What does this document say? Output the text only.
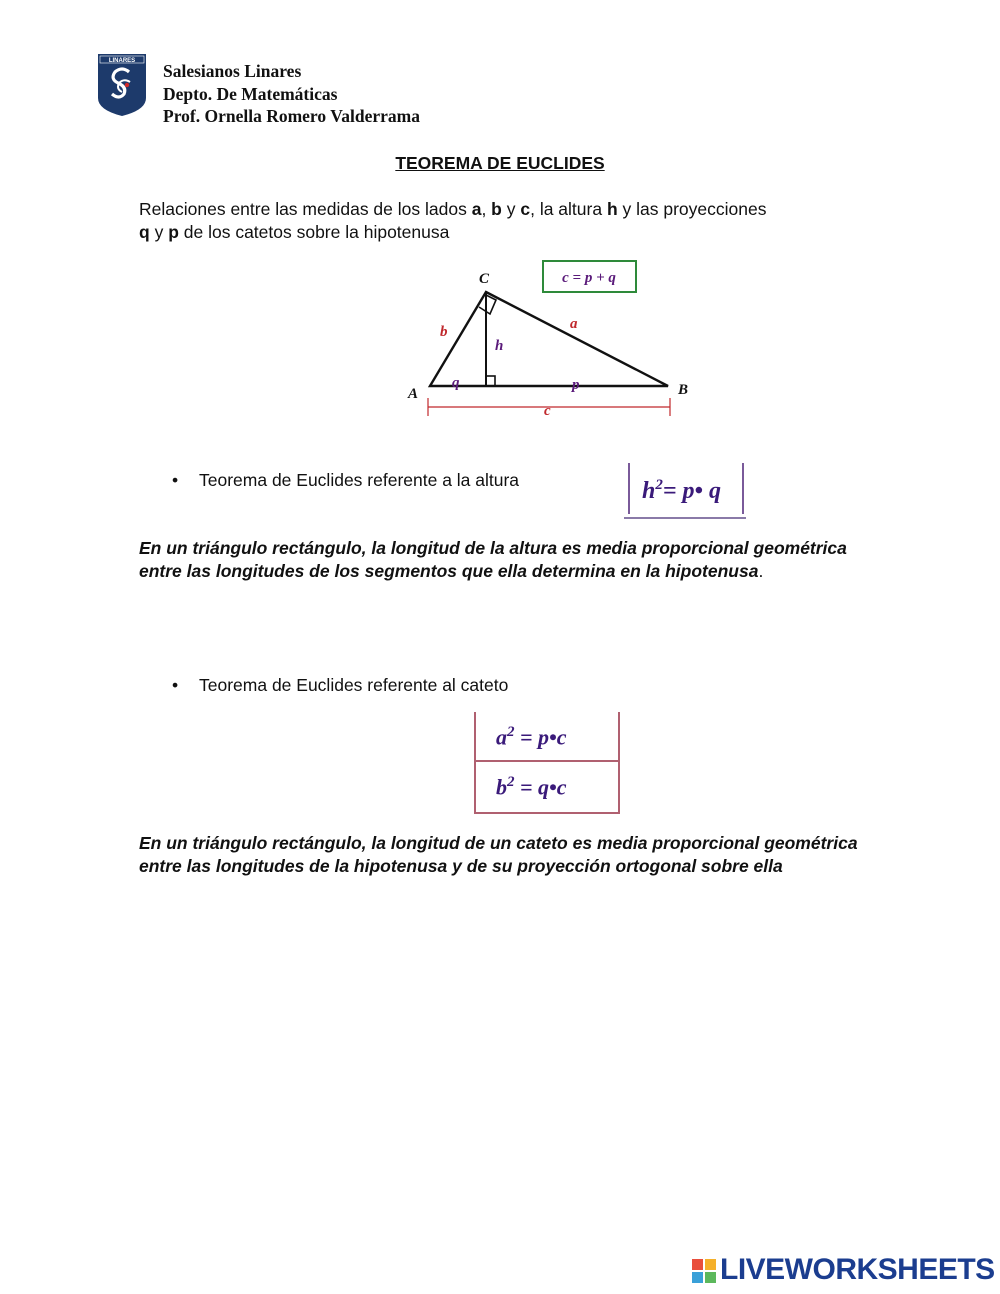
LINARES Salesianos Linares
Depto. De Matemáticas
Prof. Ornella Romero Valderrama
TEOREMA DE EUCLIDES
Relaciones entre las medidas de los lados a, b y c, la altura h y las proyecciones
q y p de los catetos sobre la hipotenusa
A	B
C
b	a
h
q	p
c
c = p + q
• Teorema de Euclides referente a la altura	$h^2=$ p• q
En un triángulo rectángulo, la longitud de la altura es media proporcional geométrica entre las longitudes de los segmentos que ella determina en la hipotenusa.
• Teorema de Euclides referente al cateto
$a^2$ = p•c
$b^2$ = q•c
En un triángulo rectángulo, la longitud de un cateto es media proporcional geométrica entre las longitudes de la hipotenusa y de su proyección ortogonal sobre ella
LIVEWORKSHEETS
